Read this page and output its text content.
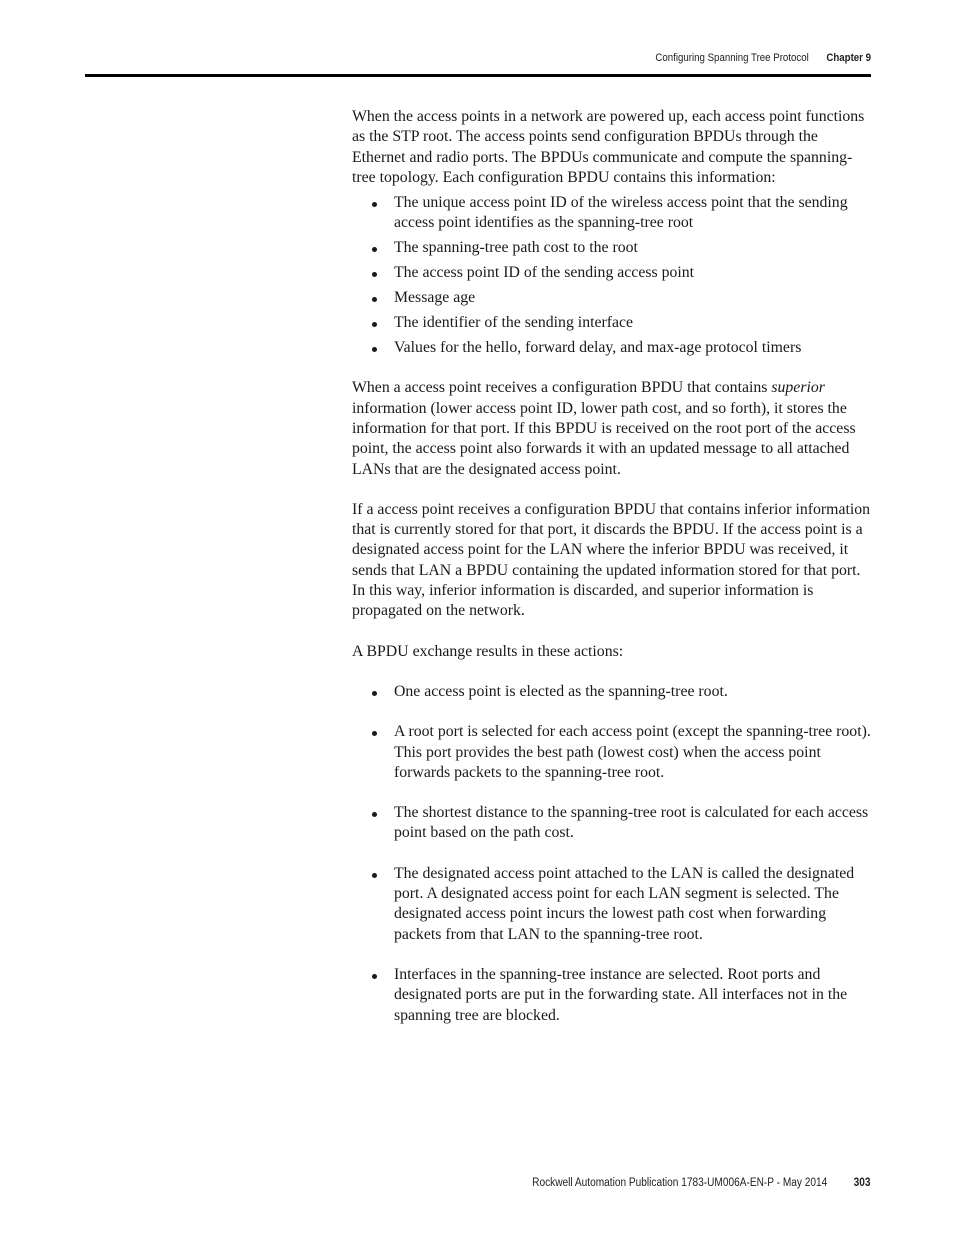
Configuring Spanning Tree Protocol Chapter 9

When the access points in a network are powered up, each access point functions as the STP root. The access points send configuration BPDUs through the Ethernet and radio ports. The BPDUs communicate and compute the spanning-tree topology. Each configuration BPDU contains this information:

The unique access point ID of the wireless access point that the sending access point identifies as the spanning-tree root
The spanning-tree path cost to the root
The access point ID of the sending access point
Message age
The identifier of the sending interface
Values for the hello, forward delay, and max-age protocol timers

When a access point receives a configuration BPDU that contains superior information (lower access point ID, lower path cost, and so forth), it stores the information for that port. If this BPDU is received on the root port of the access point, the access point also forwards it with an updated message to all attached LANs that are the designated access point.

If a access point receives a configuration BPDU that contains inferior information that is currently stored for that port, it discards the BPDU. If the access point is a designated access point for the LAN where the inferior BPDU was received, it sends that LAN a BPDU containing the updated information stored for that port. In this way, inferior information is discarded, and superior information is propagated on the network.

A BPDU exchange results in these actions:

One access point is elected as the spanning-tree root.
A root port is selected for each access point (except the spanning-tree root). This port provides the best path (lowest cost) when the access point forwards packets to the spanning-tree root.
The shortest distance to the spanning-tree root is calculated for each access point based on the path cost.
The designated access point attached to the LAN is called the designated port. A designated access point for each LAN segment is selected. The designated access point incurs the lowest path cost when forwarding packets from that LAN to the spanning-tree root.
Interfaces in the spanning-tree instance are selected. Root ports and designated ports are put in the forwarding state. All interfaces not in the spanning tree are blocked.
Rockwell Automation Publication 1783-UM006A-EN-P - May 2014 303
